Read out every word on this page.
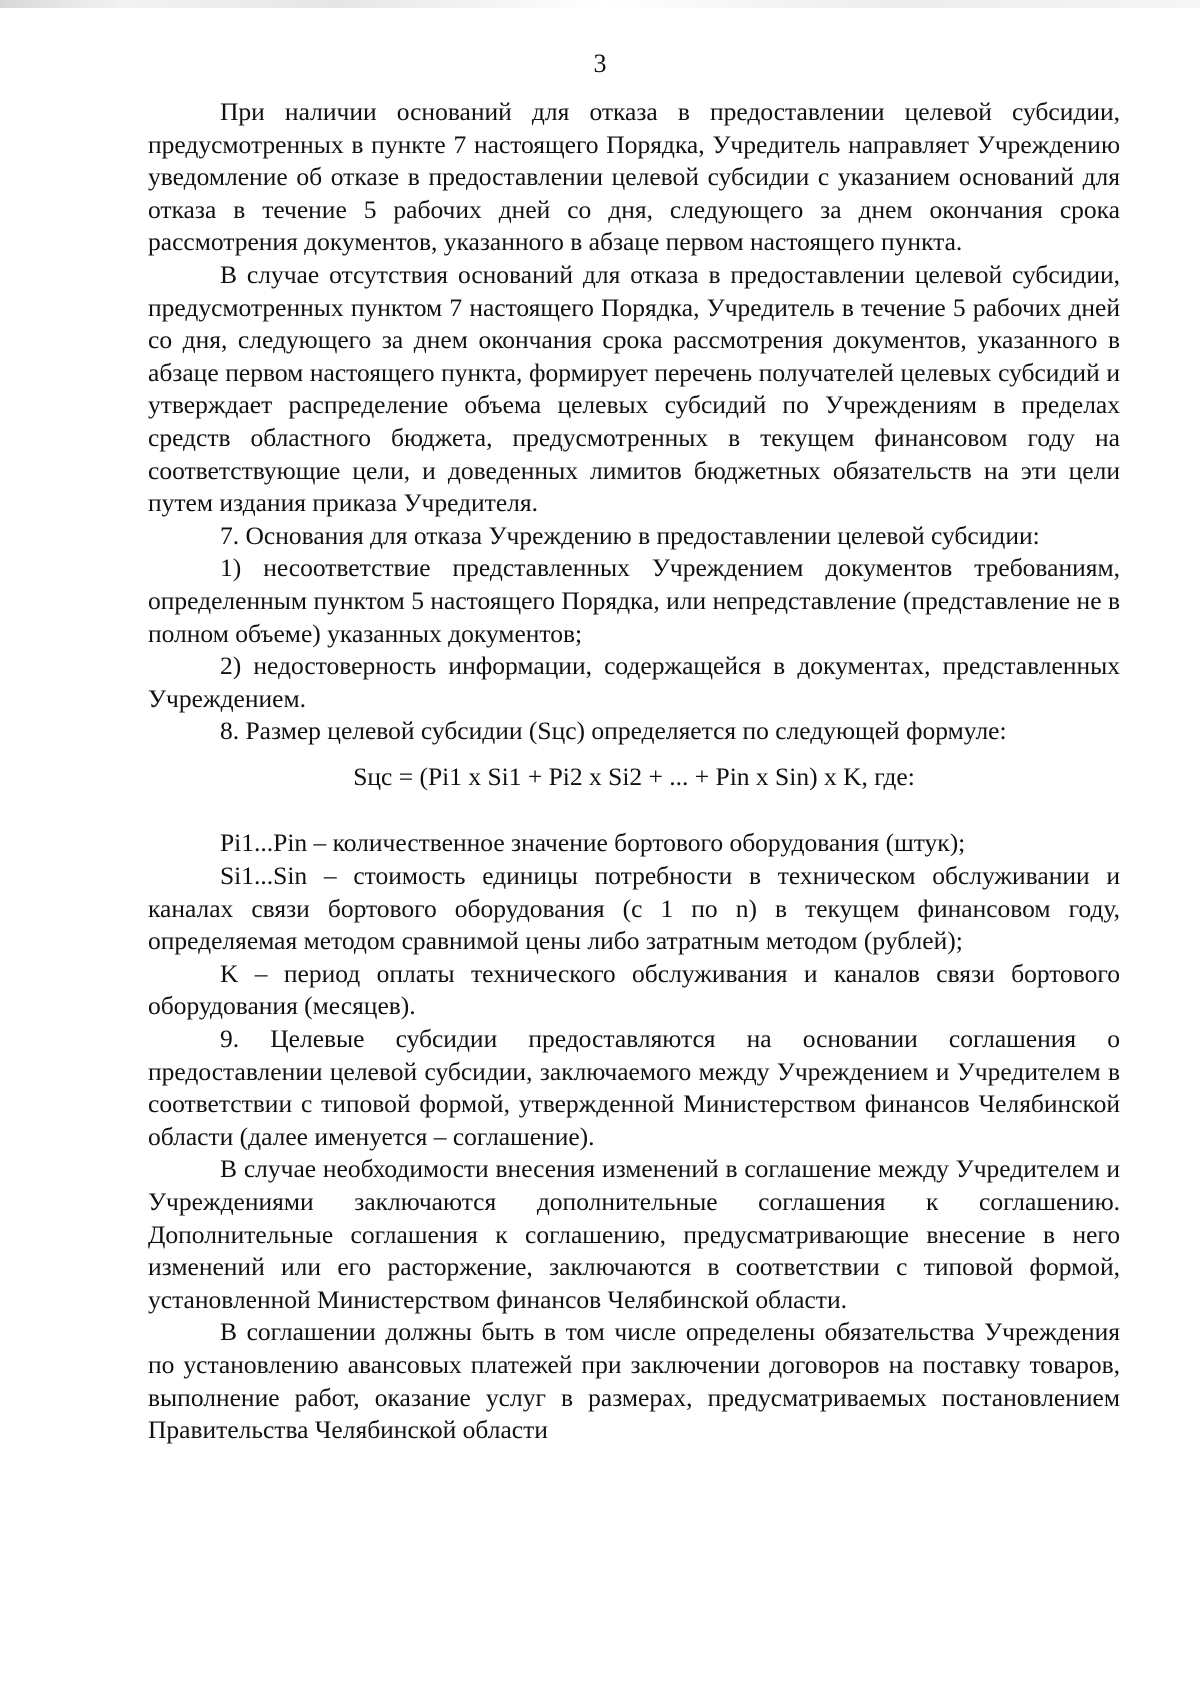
3

При наличии оснований для отказа в предоставлении целевой субсидии, предусмотренных в пункте 7 настоящего Порядка, Учредитель направляет Учреждению уведомление об отказе в предоставлении целевой субсидии с указанием оснований для отказа в течение 5 рабочих дней со дня, следующего за днем окончания срока рассмотрения документов, указанного в абзаце первом настоящего пункта.

В случае отсутствия оснований для отказа в предоставлении целевой субсидии, предусмотренных пунктом 7 настоящего Порядка, Учредитель в течение 5 рабочих дней со дня, следующего за днем окончания срока рассмотрения документов, указанного в абзаце первом настоящего пункта, формирует перечень получателей целевых субсидий и утверждает распределение объема целевых субсидий по Учреждениям в пределах средств областного бюджета, предусмотренных в текущем финансовом году на соответствующие цели, и доведенных лимитов бюджетных обязательств на эти цели путем издания приказа Учредителя.

7. Основания для отказа Учреждению в предоставлении целевой субсидии:

1) несоответствие представленных Учреждением документов требованиям, определенным пунктом 5 настоящего Порядка, или непредставление (представление не в полном объеме) указанных документов;

2) недостоверность информации, содержащейся в документах, представленных Учреждением.

8. Размер целевой субсидии (Sцс) определяется по следующей формуле:

Sцс = (Pi1 x Si1 + Pi2 x Si2 + ... + Pin x Sin) x K, где:

Pi1...Pin – количественное значение бортового оборудования (штук);

Si1...Sin – стоимость единицы потребности в техническом обслуживании и каналах связи бортового оборудования (с 1 по n) в текущем финансовом году, определяемая методом сравнимой цены либо затратным методом (рублей);

K – период оплаты технического обслуживания и каналов связи бортового оборудования (месяцев).

9. Целевые субсидии предоставляются на основании соглашения о предоставлении целевой субсидии, заключаемого между Учреждением и Учредителем в соответствии с типовой формой, утвержденной Министерством финансов Челябинской области (далее именуется – соглашение).

В случае необходимости внесения изменений в соглашение между Учредителем и Учреждениями заключаются дополнительные соглашения к соглашению. Дополнительные соглашения к соглашению, предусматривающие внесение в него изменений или его расторжение, заключаются в соответствии с типовой формой, установленной Министерством финансов Челябинской области.

В соглашении должны быть в том числе определены обязательства Учреждения по установлению авансовых платежей при заключении договоров на поставку товаров, выполнение работ, оказание услуг в размерах, предусматриваемых постановлением Правительства Челябинской области
